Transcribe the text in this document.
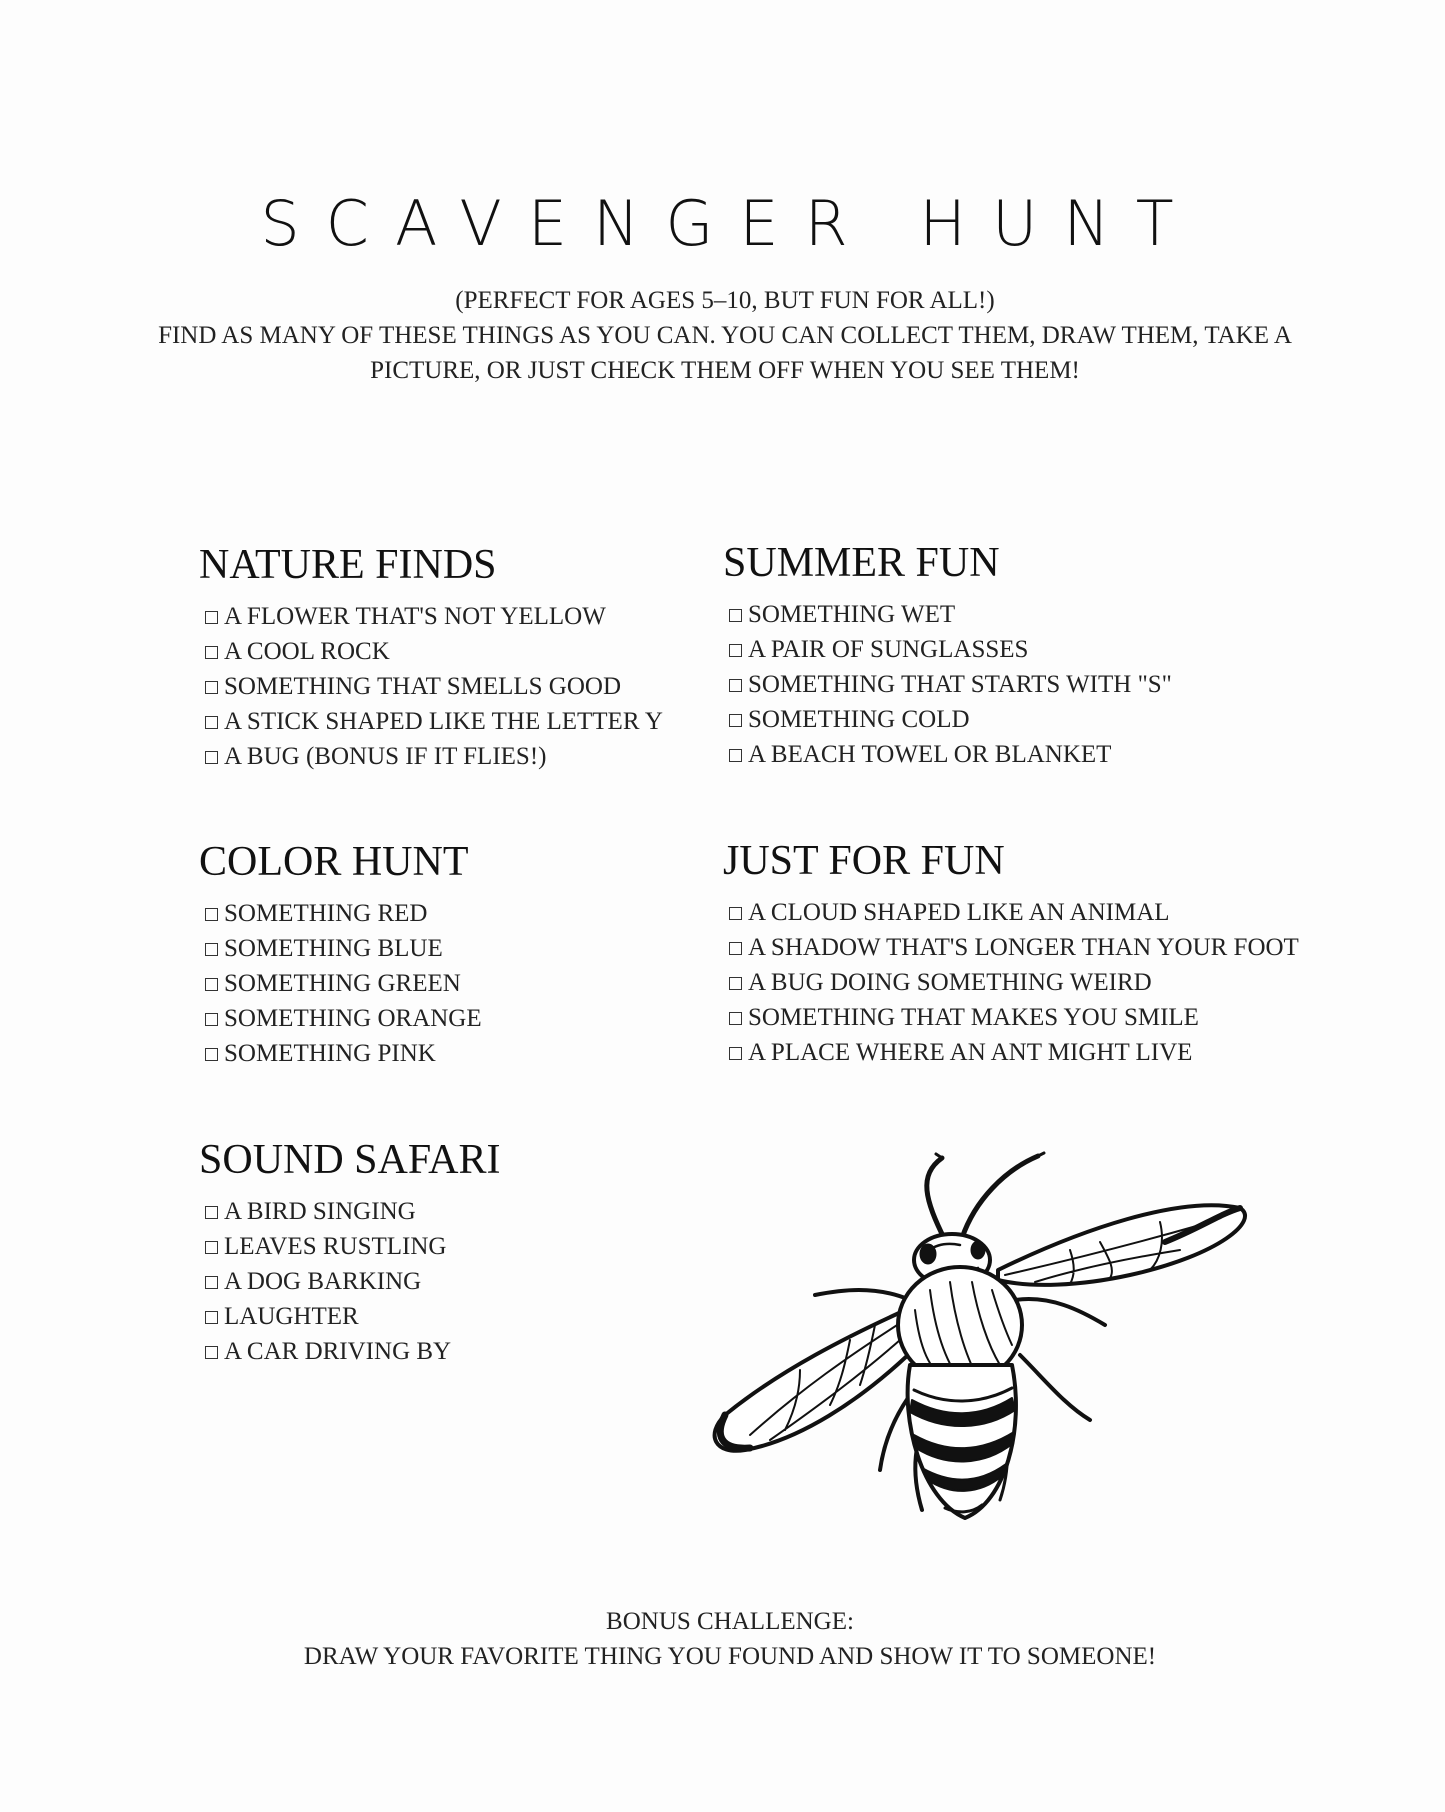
SCAVENGER HUNT
(PERFECT FOR AGES 5–10, BUT FUN FOR ALL!)
FIND AS MANY OF THESE THINGS AS YOU CAN. YOU CAN COLLECT THEM, DRAW THEM, TAKE A
PICTURE, OR JUST CHECK THEM OFF WHEN YOU SEE THEM!
NATURE FINDS
A FLOWER THAT'S NOT YELLOW
A COOL ROCK
SOMETHING THAT SMELLS GOOD
A STICK SHAPED LIKE THE LETTER Y
A BUG (BONUS IF IT FLIES!)
SUMMER FUN
SOMETHING WET
A PAIR OF SUNGLASSES
SOMETHING THAT STARTS WITH "S"
SOMETHING COLD
A BEACH TOWEL OR BLANKET
COLOR HUNT
SOMETHING RED
SOMETHING BLUE
SOMETHING GREEN
SOMETHING ORANGE
SOMETHING PINK
JUST FOR FUN
A CLOUD SHAPED LIKE AN ANIMAL
A SHADOW THAT'S LONGER THAN YOUR FOOT
A BUG DOING SOMETHING WEIRD
SOMETHING THAT MAKES YOU SMILE
A PLACE WHERE AN ANT MIGHT LIVE
SOUND SAFARI
A BIRD SINGING
LEAVES RUSTLING
A DOG BARKING
LAUGHTER
A CAR DRIVING BY
BONUS CHALLENGE:
DRAW YOUR FAVORITE THING YOU FOUND AND SHOW IT TO SOMEONE!
